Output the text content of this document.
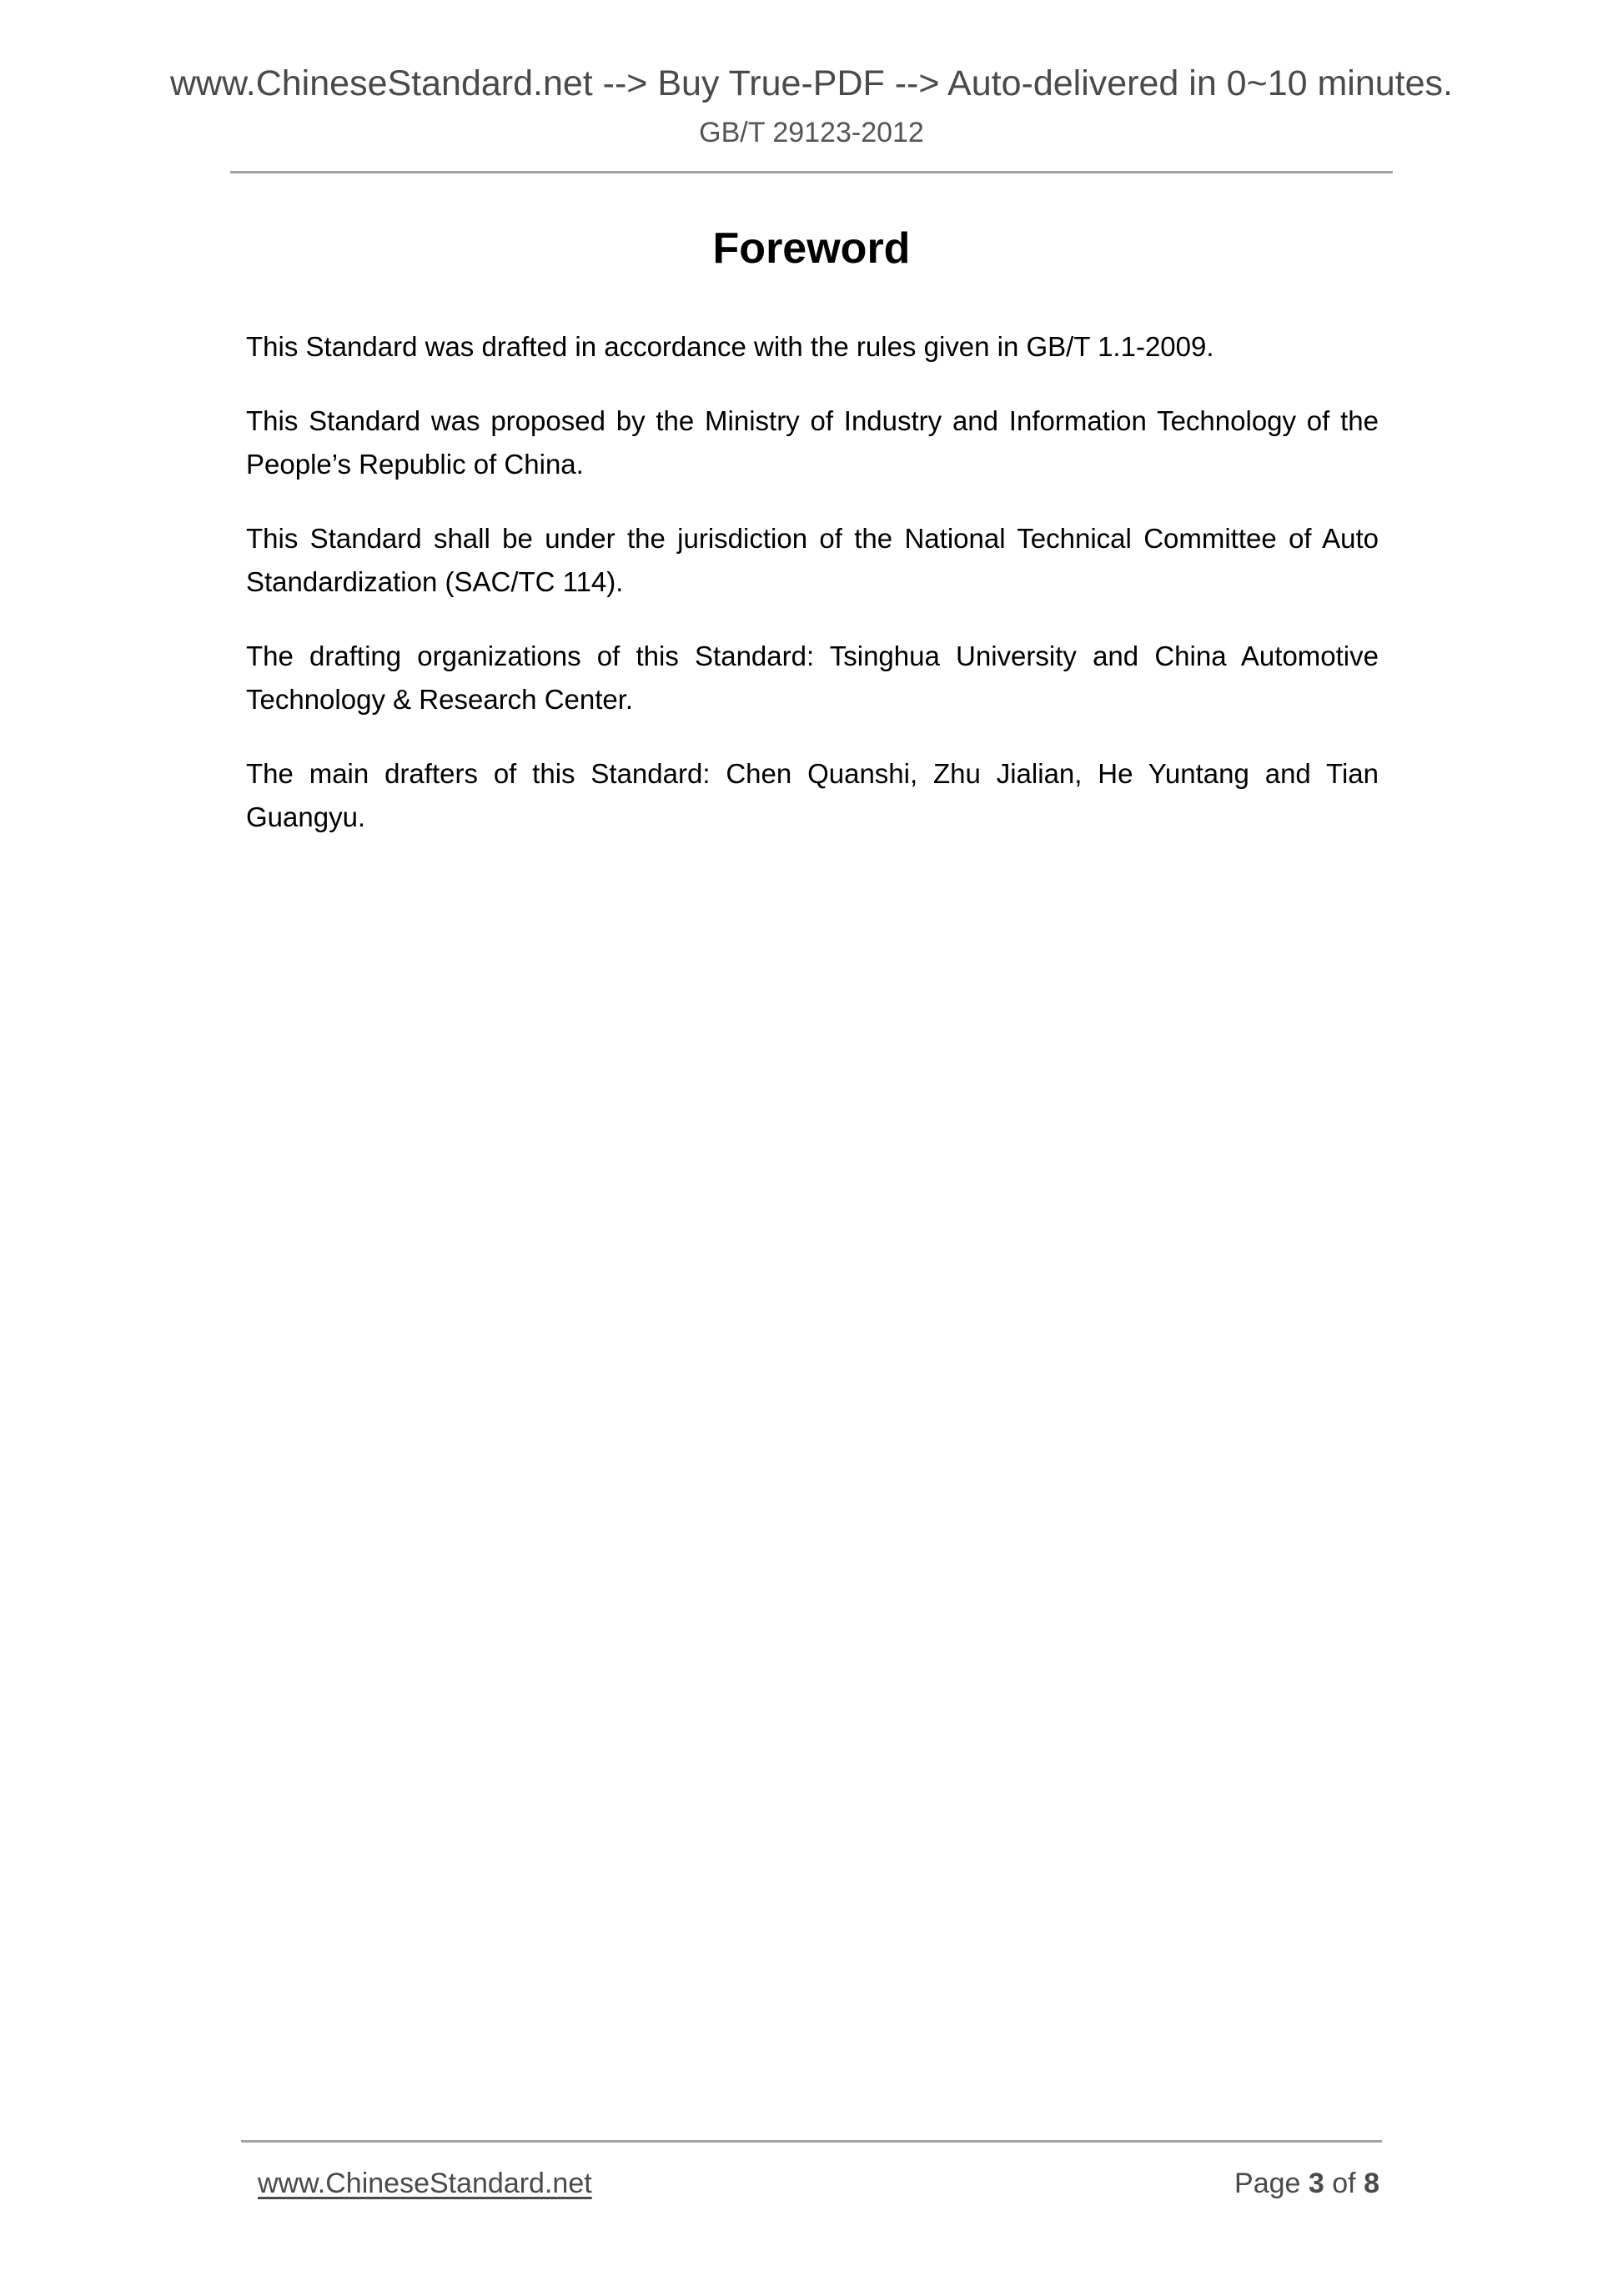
www.ChineseStandard.net --> Buy True-PDF --> Auto-delivered in 0~10 minutes.
GB/T 29123-2012
Foreword

This Standard was drafted in accordance with the rules given in GB/T 1.1-2009.

This Standard was proposed by the Ministry of Industry and Information Technology of the People’s Republic of China.

This Standard shall be under the jurisdiction of the National Technical Committee of Auto Standardization (SAC/TC 114).

The drafting organizations of this Standard: Tsinghua University and China Automotive Technology & Research Center.

The main drafters of this Standard: Chen Quanshi, Zhu Jialian, He Yuntang and Tian Guangyu.

www.ChineseStandard.net	Page 3 of 8
